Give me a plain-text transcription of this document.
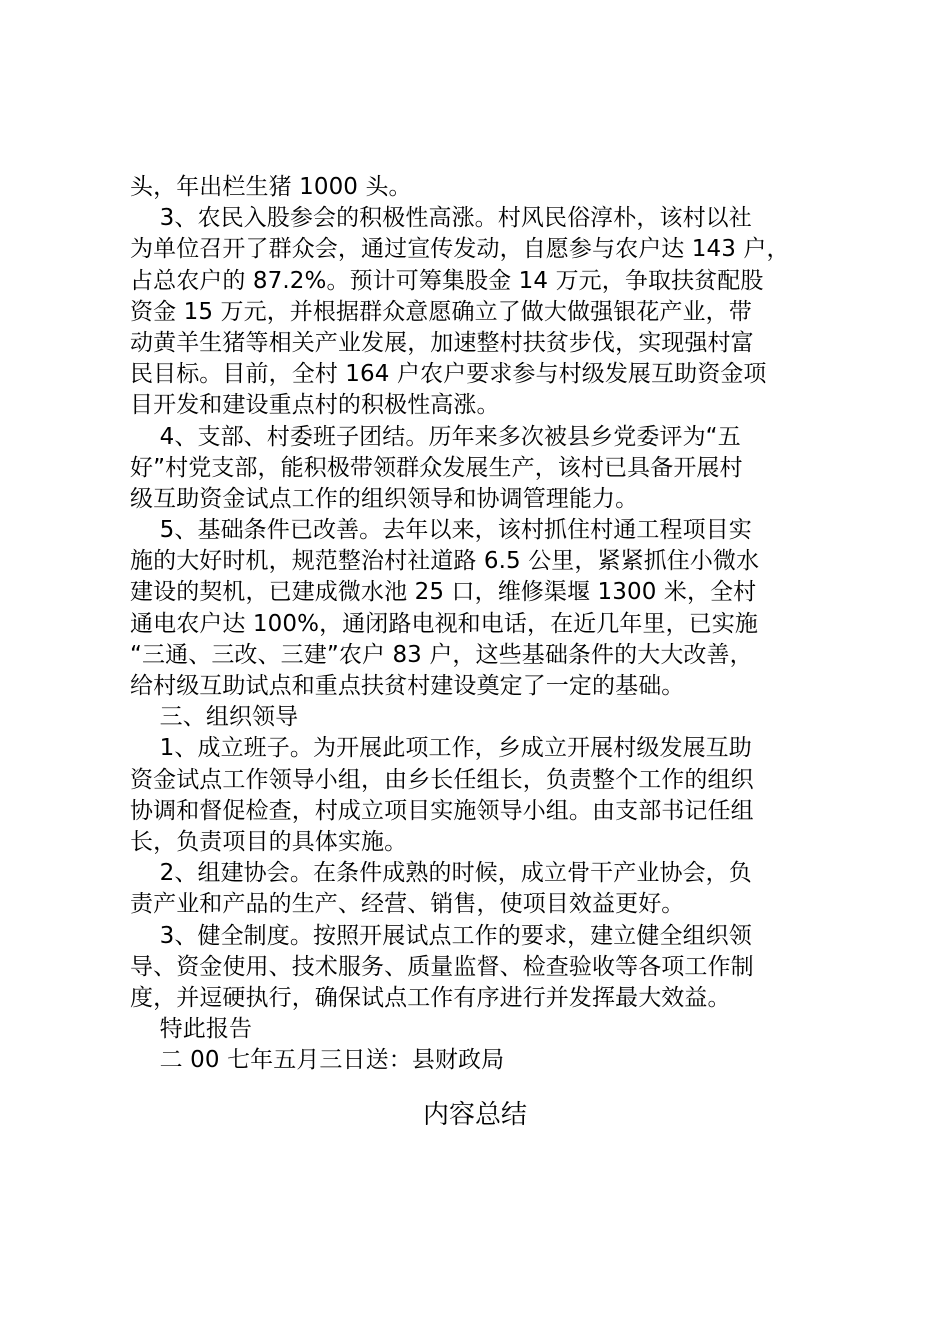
头，年出栏生猪 1000 头。
3、农民入股参会的积极性高涨。村风民俗淳朴，该村以社
为单位召开了群众会，通过宣传发动，自愿参与农户达 143 户，
占总农户的 87.2%。预计可筹集股金 14 万元，争取扶贫配股
资金 15 万元，并根据群众意愿确立了做大做强银花产业，带
动黄羊生猪等相关产业发展，加速整村扶贫步伐，实现强村富
民目标。目前，全村 164 户农户要求参与村级发展互助资金项
目开发和建设重点村的积极性高涨。
4、支部、村委班子团结。历年来多次被县乡党委评为“五
好”村党支部，能积极带领群众发展生产，该村已具备开展村
级互助资金试点工作的组织领导和协调管理能力。
5、基础条件已改善。去年以来，该村抓住村通工程项目实
施的大好时机，规范整治村社道路 6.5 公里，紧紧抓住小微水
建设的契机，已建成微水池 25 口，维修渠堰 1300 米，全村
通电农户达 100%，通闭路电视和电话，在近几年里，已实施
“三通、三改、三建”农户 83 户，这些基础条件的大大改善，
给村级互助试点和重点扶贫村建设奠定了一定的基础。
三、组织领导
1、成立班子。为开展此项工作，乡成立开展村级发展互助
资金试点工作领导小组，由乡长任组长，负责整个工作的组织
协调和督促检查，村成立项目实施领导小组。由支部书记任组
长，负责项目的具体实施。
2、组建协会。在条件成熟的时候，成立骨干产业协会，负
责产业和产品的生产、经营、销售，使项目效益更好。
3、健全制度。按照开展试点工作的要求，建立健全组织领
导、资金使用、技术服务、质量监督、检查验收等各项工作制
度，并逗硬执行，确保试点工作有序进行并发挥最大效益。
特此报告
二 00 七年五月三日送：县财政局
内容总结
